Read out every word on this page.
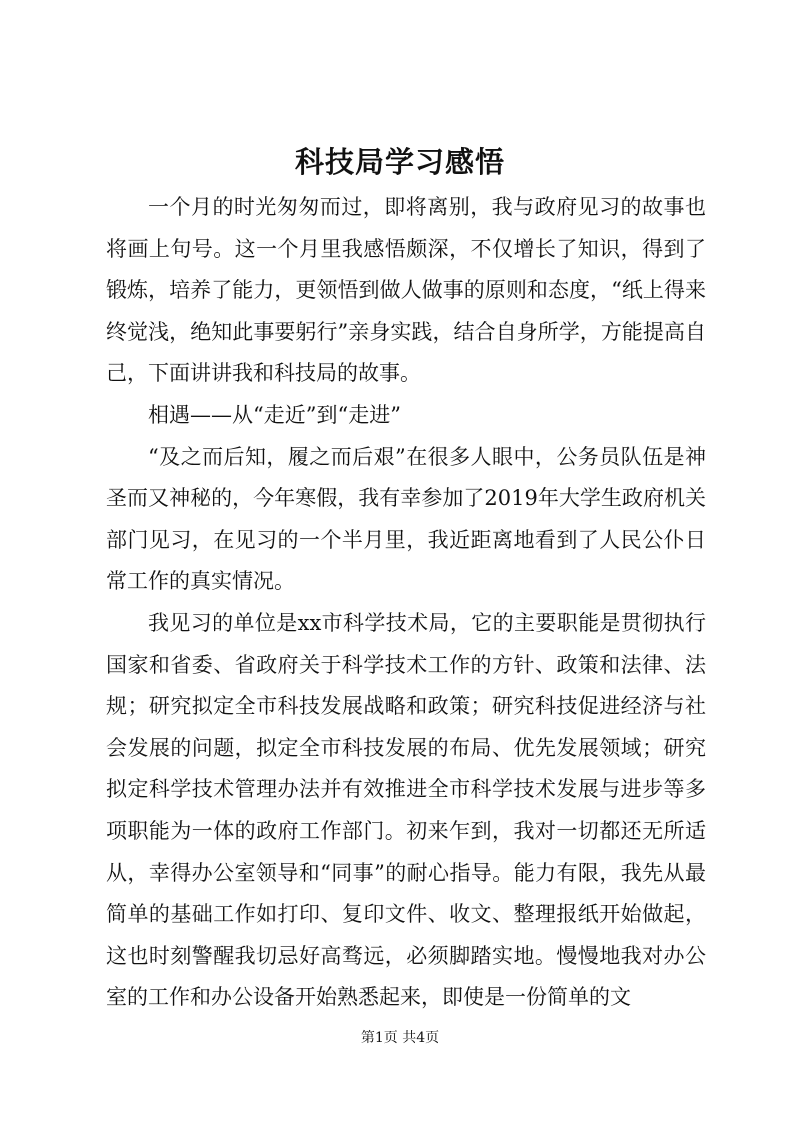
科技局学习感悟

一个月的时光匆匆而过，即将离别，我与政府见习的故事也将画上句号。这一个月里我感悟颇深，不仅增长了知识，得到了锻炼，培养了能力，更领悟到做人做事的原则和态度，“纸上得来终觉浅，绝知此事要躬行”亲身实践，结合自身所学，方能提高自己，下面讲讲我和科技局的故事。

相遇——从“走近”到“走进”

“及之而后知，履之而后艰”在很多人眼中，公务员队伍是神圣而又神秘的，今年寒假，我有幸参加了2019年大学生政府机关部门见习，在见习的一个半月里，我近距离地看到了人民公仆日常工作的真实情况。

我见习的单位是xx市科学技术局，它的主要职能是贯彻执行国家和省委、省政府关于科学技术工作的方针、政策和法律、法规；研究拟定全市科技发展战略和政策；研究科技促进经济与社会发展的问题，拟定全市科技发展的布局、优先发展领域；研究拟定科学技术管理办法并有效推进全市科学技术发展与进步等多项职能为一体的政府工作部门。初来乍到，我对一切都还无所适从，幸得办公室领导和“同事”的耐心指导。能力有限，我先从最简单的基础工作如打印、复印文件、收文、整理报纸开始做起，这也时刻警醒我切忌好高骛远，必须脚踏实地。慢慢地我对办公室的工作和办公设备开始熟悉起来，即使是一份简单的文

第1页 共4页
